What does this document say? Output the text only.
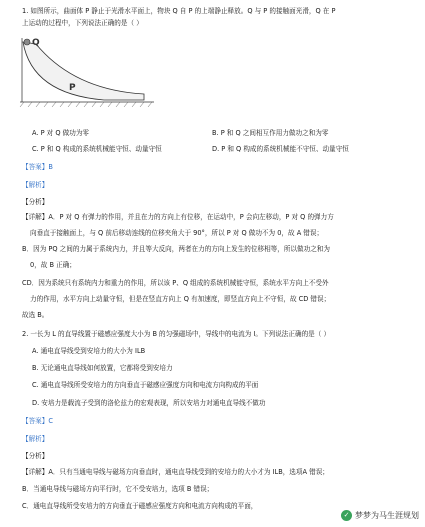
1. 如图所示，曲面体 P 静止于光滑水平面上，物块 Q 自 P 的上端静止释放。Q 与 P 的接触面光滑，Q 在 P
上运动的过程中，下列说法正确的是（ ）
Q
P
A. P 对 Q 做功为零	B. P 和 Q 之间相互作用力做功之和为零
C. P 和 Q 构成的系统机械能守恒、动量守恒	D. P 和 Q 构成的系统机械能不守恒、动量守恒
【答案】B
【解析】
【分析】
【详解】A．P 对 Q 有弹力的作用，并且在力的方向上有位移，在运动中，P 会向左移动，P 对 Q 的弹力方
向垂直于接触面上，与 Q 前后移动连线的位移夹角大于 90°，所以 P 对 Q 做功不为 0，故 A 错误；
B．因为 PQ 之间的力属于系统内力，并且等大反向，两者在力的方向上发生的位移相等，所以做功之和为
0，故 B 正确；
CD．因为系统只有系统内力和重力的作用，所以该 P、Q 组成的系统机械能守恒，系统水平方向上不受外
力的作用，水平方向上动量守恒，但是在竖直方向上 Q 有加速度，即竖直方向上不守恒，故 CD 错误；
故选 B。
2. 一长为 L 的直导线置于磁感应强度大小为 B 的匀强磁场中，导线中的电流为 I。下列说法正确的是（ ）
A. 通电直导线受到安培力的大小为 ILB
B. 无论通电直导线如何放置，它都将受到安培力
C. 通电直导线所受安培力的方向垂直于磁感应强度方向和电流方向构成的平面
D. 安培力是载流子受到的洛伦兹力的宏观表现，所以安培力对通电直导线不做功
【答案】C
【解析】
【分析】
【详解】A．只有当通电导线与磁场方向垂直时，通电直导线受到的安培力的大小才为 ILB，选项A 错误；
B．当通电导线与磁场方向平行时，它不受安培力，选项 B 错误；
C．通电直导线所受安培力的方向垂直于磁感应强度方向和电流方向构成的平面，
✓ 梦梦为马生涯规划
